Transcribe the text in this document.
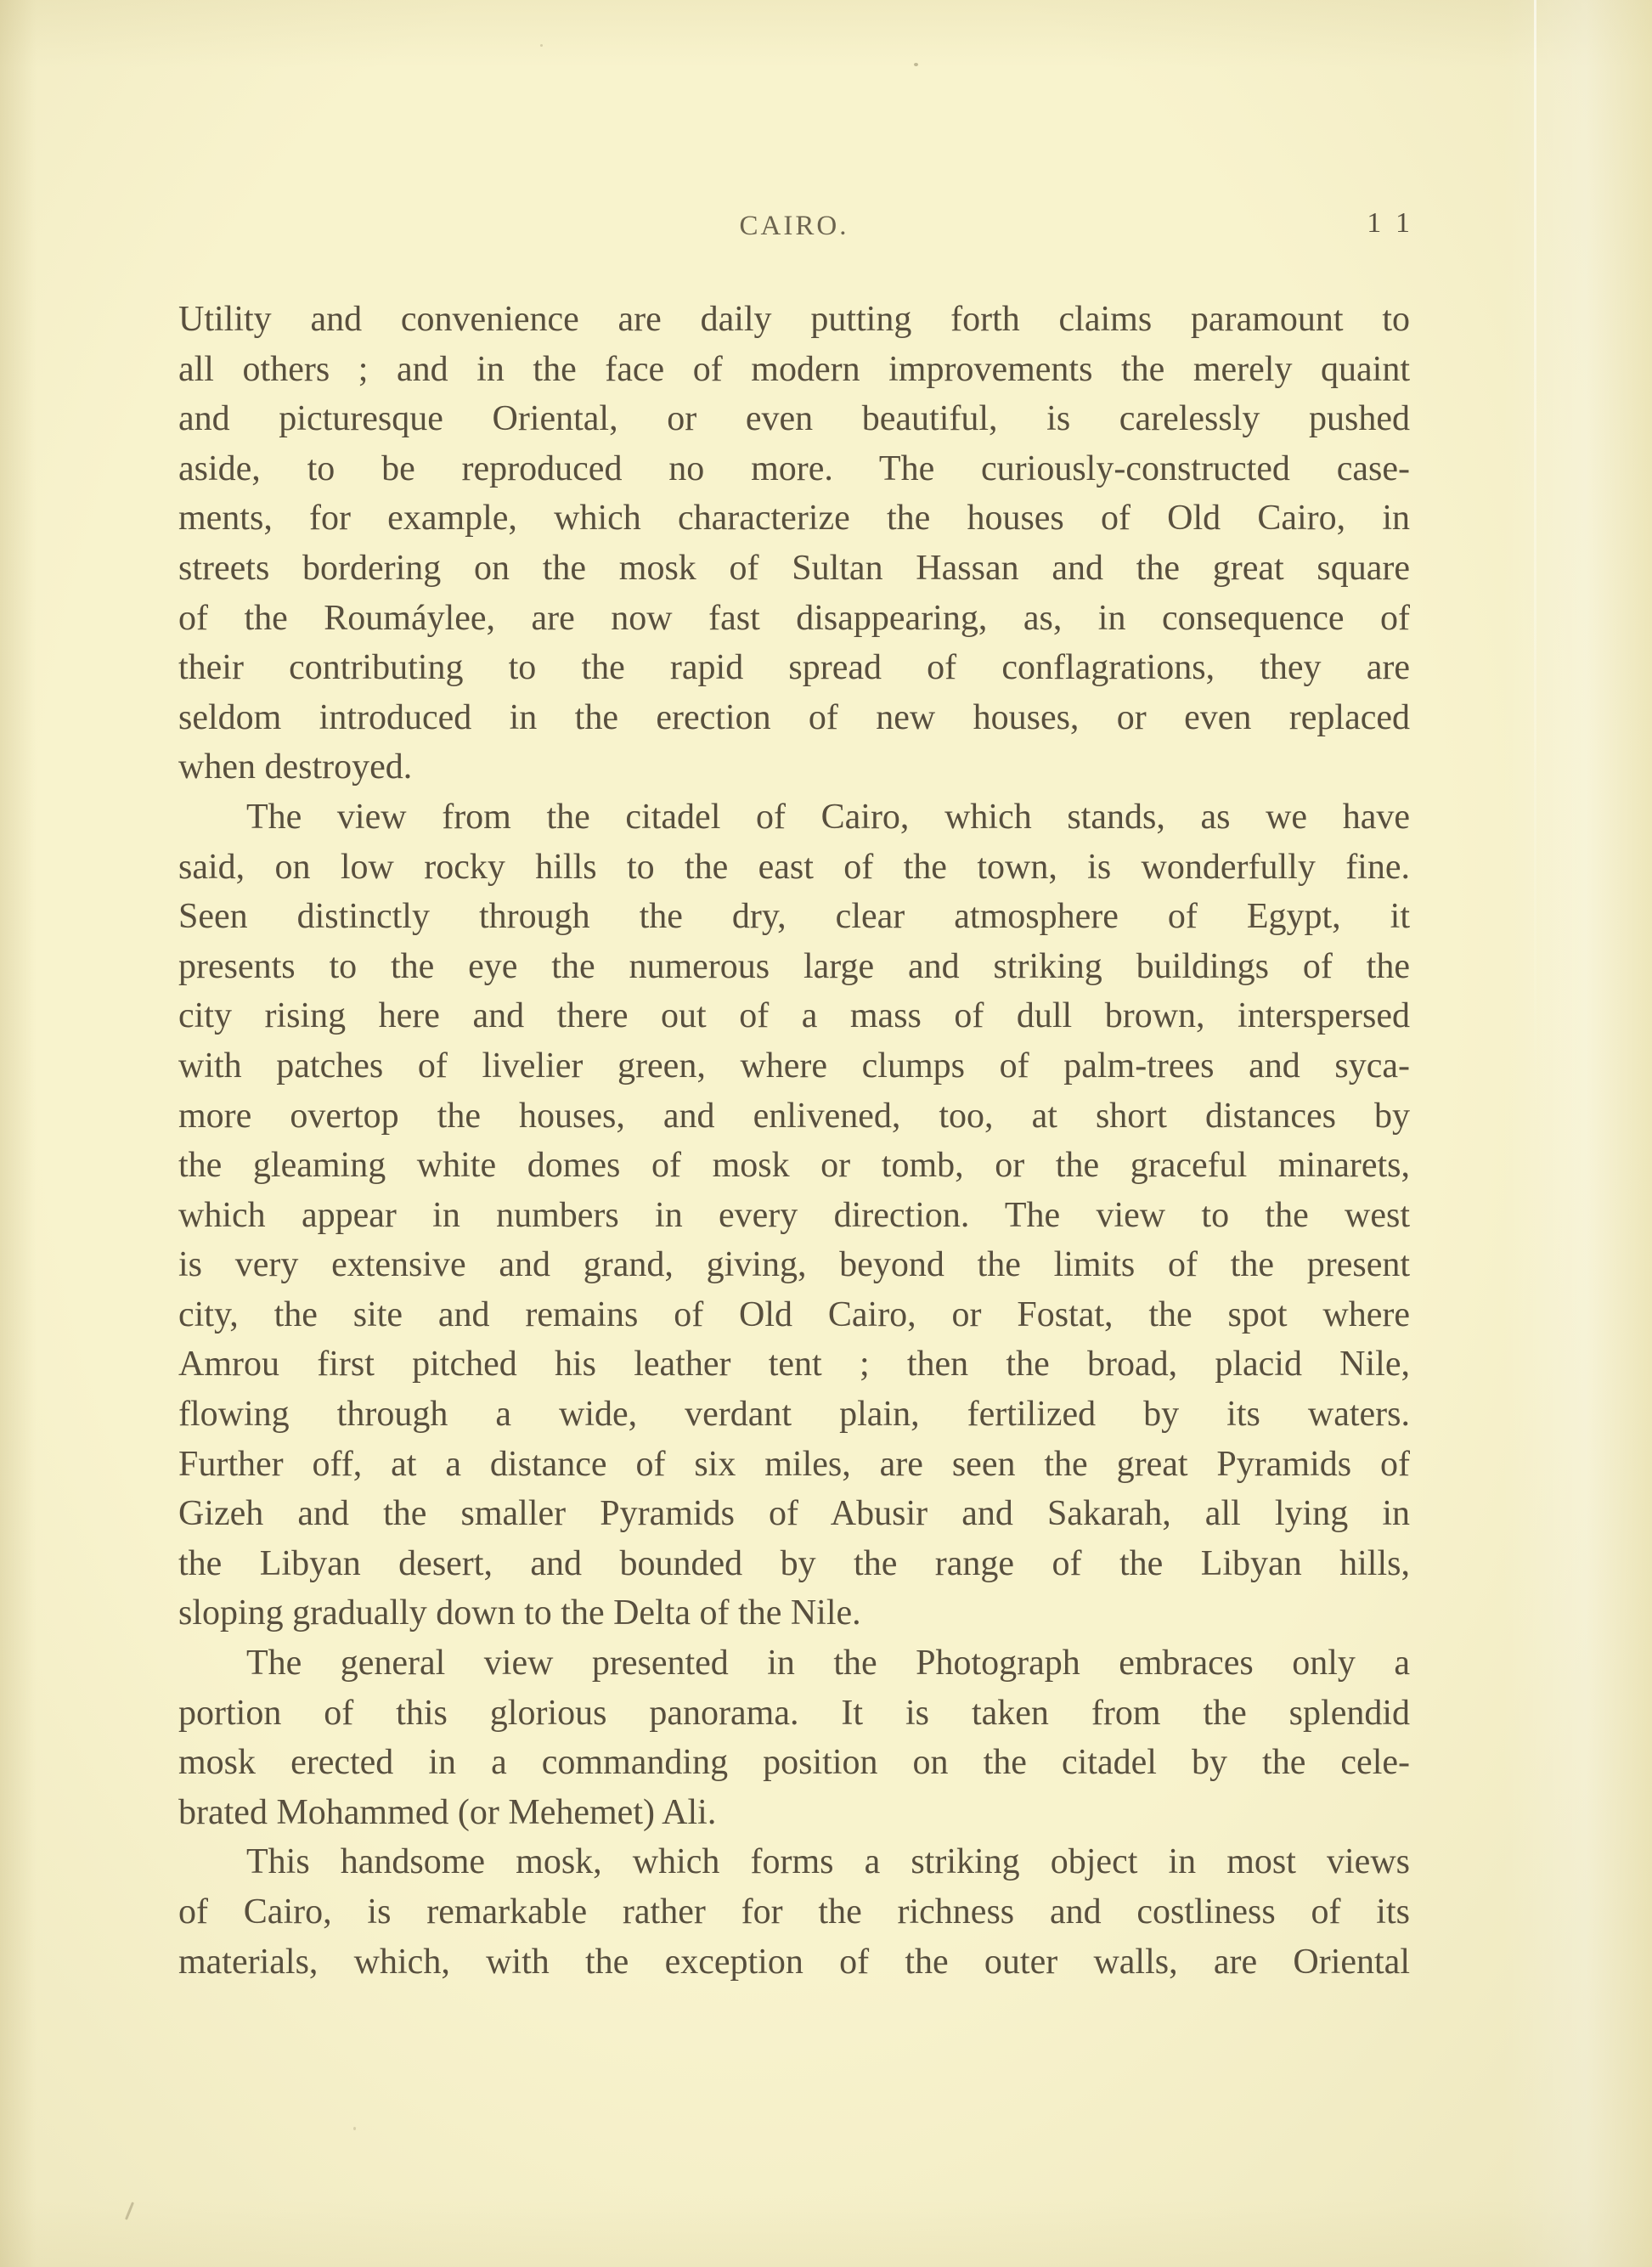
CAIRO.	11
Utility and convenience are daily putting forth claims paramount to
all others ; and in the face of modern improvements the merely quaint
and picturesque Oriental, or even beautiful, is carelessly pushed
aside, to be reproduced no more. The curiously-constructed case-
ments, for example, which characterize the houses of Old Cairo, in
streets bordering on the mosk of Sultan Hassan and the great square
of the Roumáylee, are now fast disappearing, as, in consequence of
their contributing to the rapid spread of conflagrations, they are
seldom introduced in the erection of new houses, or even replaced
when destroyed.
The view from the citadel of Cairo, which stands, as we have
said, on low rocky hills to the east of the town, is wonderfully fine.
Seen distinctly through the dry, clear atmosphere of Egypt, it
presents to the eye the numerous large and striking buildings of the
city rising here and there out of a mass of dull brown, interspersed
with patches of livelier green, where clumps of palm-trees and syca-
more overtop the houses, and enlivened, too, at short distances by
the gleaming white domes of mosk or tomb, or the graceful minarets,
which appear in numbers in every direction. The view to the west
is very extensive and grand, giving, beyond the limits of the present
city, the site and remains of Old Cairo, or Fostat, the spot where
Amrou first pitched his leather tent ; then the broad, placid Nile,
flowing through a wide, verdant plain, fertilized by its waters.
Further off, at a distance of six miles, are seen the great Pyramids of
Gizeh and the smaller Pyramids of Abusir and Sakarah, all lying in
the Libyan desert, and bounded by the range of the Libyan hills,
sloping gradually down to the Delta of the Nile.
The general view presented in the Photograph embraces only a
portion of this glorious panorama. It is taken from the splendid
mosk erected in a commanding position on the citadel by the cele-
brated Mohammed (or Mehemet) Ali.
This handsome mosk, which forms a striking object in most views
of Cairo, is remarkable rather for the richness and costliness of its
materials, which, with the exception of the outer walls, are Oriental
